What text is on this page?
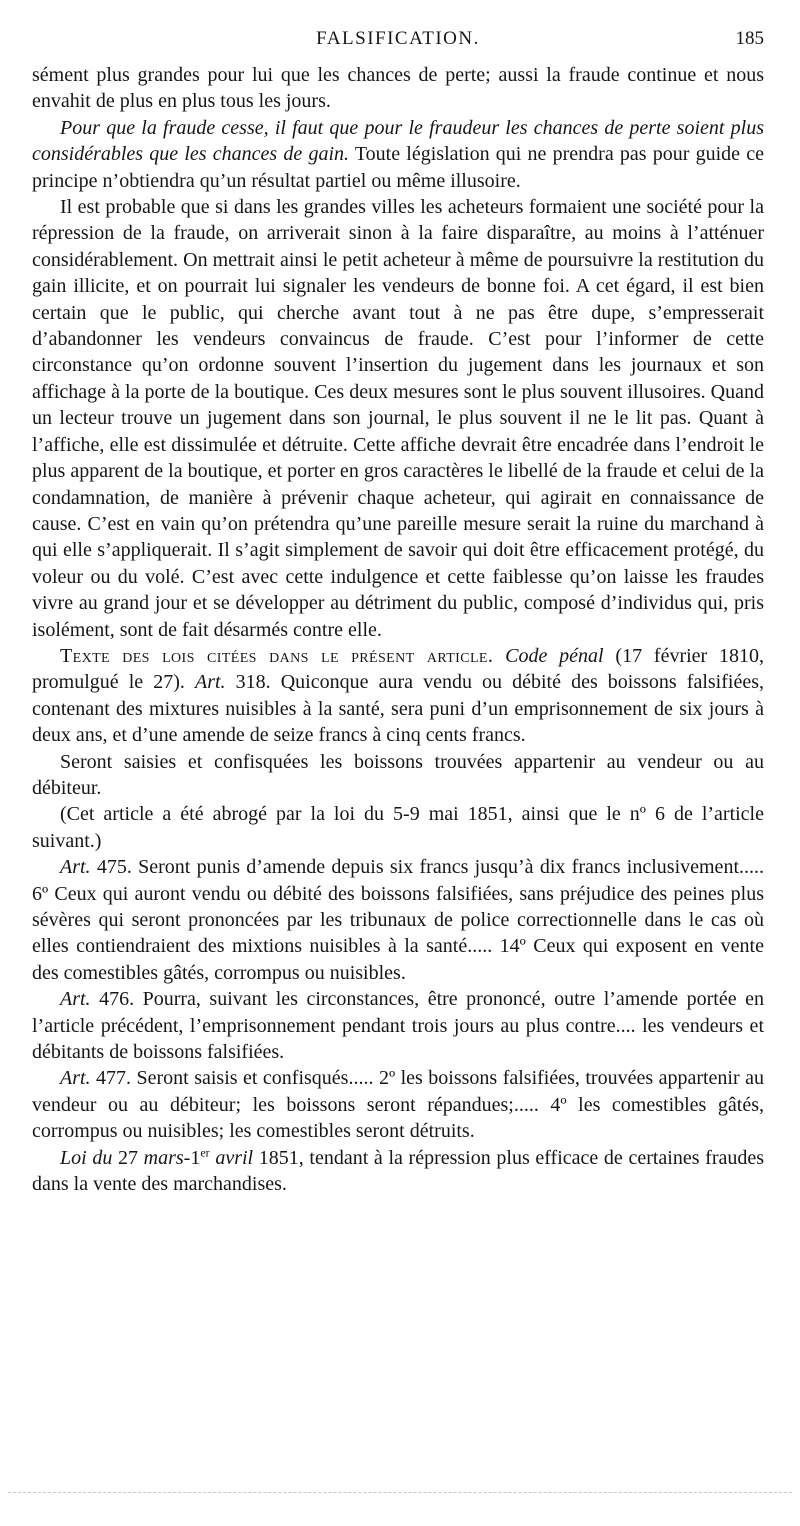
FALSIFICATION.	185

sément plus grandes pour lui que les chances de perte; aussi la fraude continue et nous envahit de plus en plus tous les jours.

Pour que la fraude cesse, il faut que pour le fraudeur les chances de perte soient plus considérables que les chances de gain. Toute législation qui ne prendra pas pour guide ce principe n’obtiendra qu’un résultat partiel ou même illusoire.

Il est probable que si dans les grandes villes les acheteurs formaient une société pour la répression de la fraude, on arriverait sinon à la faire disparaître, au moins à l’atténuer considérablement. On mettrait ainsi le petit acheteur à même de poursuivre la restitution du gain illicite, et on pourrait lui signaler les vendeurs de bonne foi. A cet égard, il est bien certain que le public, qui cherche avant tout à ne pas être dupe, s’empresserait d’abandonner les vendeurs convaincus de fraude. C’est pour l’informer de cette circonstance qu’on ordonne souvent l’insertion du jugement dans les journaux et son affichage à la porte de la boutique. Ces deux mesures sont le plus souvent illusoires. Quand un lecteur trouve un jugement dans son journal, le plus souvent il ne le lit pas. Quant à l’affiche, elle est dissimulée et détruite. Cette affiche devrait être encadrée dans l’endroit le plus apparent de la boutique, et porter en gros caractères le libellé de la fraude et celui de la condamnation, de manière à prévenir chaque acheteur, qui agirait en connaissance de cause. C’est en vain qu’on prétendra qu’une pareille mesure serait la ruine du marchand à qui elle s’appliquerait. Il s’agit simplement de savoir qui doit être efficacement protégé, du voleur ou du volé. C’est avec cette indulgence et cette faiblesse qu’on laisse les fraudes vivre au grand jour et se développer au détriment du public, composé d’individus qui, pris isolément, sont de fait désarmés contre elle.

Texte des lois citées dans le présent article. Code pénal (17 février 1810, promulgué le 27). Art. 318. Quiconque aura vendu ou débité des boissons falsifiées, contenant des mixtures nuisibles à la santé, sera puni d’un emprisonnement de six jours à deux ans, et d’une amende de seize francs à cinq cents francs.

Seront saisies et confisquées les boissons trouvées appartenir au vendeur ou au débiteur.

(Cet article a été abrogé par la loi du 5-9 mai 1851, ainsi que le nº 6 de l’article suivant.)

Art. 475. Seront punis d’amende depuis six francs jusqu’à dix francs inclusivement..... 6º Ceux qui auront vendu ou débité des boissons falsifiées, sans préjudice des peines plus sévères qui seront prononcées par les tribunaux de police correctionnelle dans le cas où elles contiendraient des mixtions nuisibles à la santé..... 14º Ceux qui exposent en vente des comestibles gâtés, corrompus ou nuisibles.

Art. 476. Pourra, suivant les circonstances, être prononcé, outre l’amende portée en l’article précédent, l’emprisonnement pendant trois jours au plus contre.... les vendeurs et débitants de boissons falsifiées.

Art. 477. Seront saisis et confisqués..... 2º les boissons falsifiées, trouvées appartenir au vendeur ou au débiteur; les boissons seront répandues;..... 4º les comestibles gâtés, corrompus ou nuisibles; les comestibles seront détruits.

Loi du 27 mars-1er avril 1851, tendant à la répression plus efficace de certaines fraudes dans la vente des marchandises.
